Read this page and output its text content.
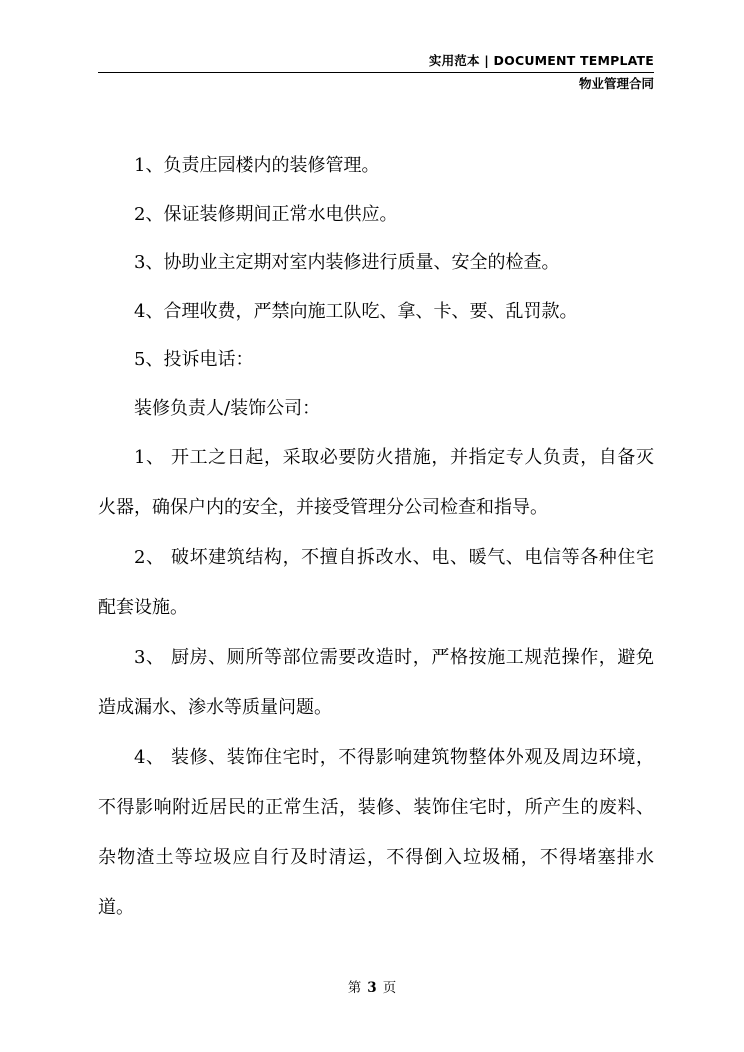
实用范本 | DOCUMENT TEMPLATE
物业管理合同

1、负责庄园楼内的装修管理。

2、保证装修期间正常水电供应。

3、协助业主定期对室内装修进行质量、安全的检查。

4、合理收费，严禁向施工队吃、拿、卡、要、乱罚款。

5、投诉电话：

装修负责人/装饰公司：

1、 开工之日起，采取必要防火措施，并指定专人负责，自备灭火器，确保户内的安全，并接受管理分公司检查和指导。

2、 破坏建筑结构，不擅自拆改水、电、暖气、电信等各种住宅配套设施。

3、 厨房、厕所等部位需要改造时，严格按施工规范操作，避免造成漏水、渗水等质量问题。

4、 装修、装饰住宅时，不得影响建筑物整体外观及周边环境，不得影响附近居民的正常生活，装修、装饰住宅时，所产生的废料、杂物渣土等垃圾应自行及时清运，不得倒入垃圾桶，不得堵塞排水道。

第 3 页
